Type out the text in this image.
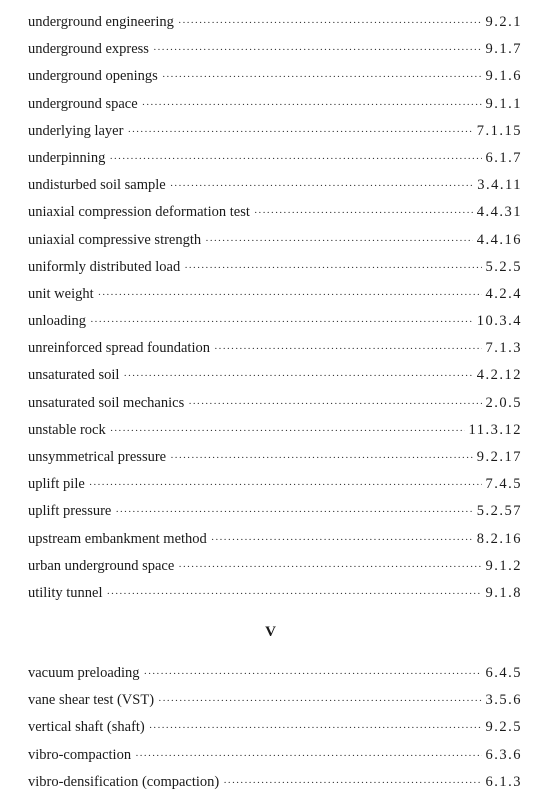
underground engineering ·····	9.2.1
underground express ·····	9.1.7
underground openings ·····	9.1.6
underground space ·····	9.1.1
underlying layer ·····	7.1.15
underpinning ·····	6.1.7
undisturbed soil sample ·····	3.4.11
uniaxial compression deformation test ·····	4.4.31
uniaxial compressive strength ·····	4.4.16
uniformly distributed load ·····	5.2.5
unit weight ·····	4.2.4
unloading ·····	10.3.4
unreinforced spread foundation ·····	7.1.3
unsaturated soil ·····	4.2.12
unsaturated soil mechanics ·····	2.0.5
unstable rock ·····	11.3.12
unsymmetrical pressure ·····	9.2.17
uplift pile ·····	7.4.5
uplift pressure ·····	5.2.57
upstream embankment method ·····	8.2.16
urban underground space ·····	9.1.2
utility tunnel ·····	9.1.8
V
vacuum preloading ·····	6.4.5
vane shear test (VST) ·····	3.5.6
vertical shaft (shaft) ·····	9.2.5
vibro-compaction ·····	6.3.6
vibro-densification (compaction) ·····	6.1.3
